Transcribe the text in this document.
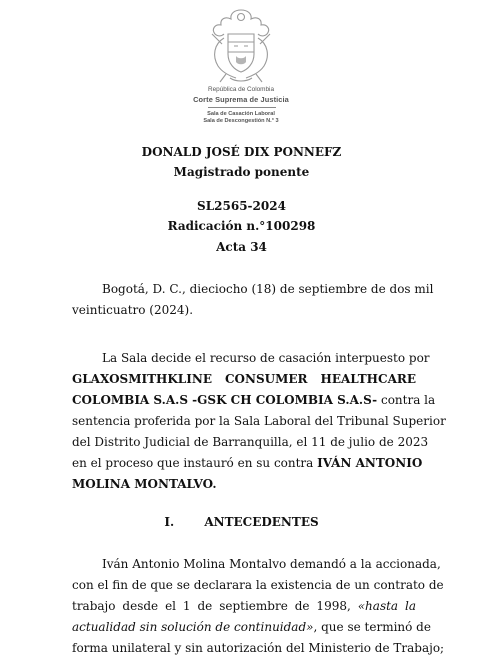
República de Colombia
Corte Suprema de Justicia
Sala de Casación Laboral
Sala de Descongestión N.° 3
DONALD JOSÉ DIX PONNEFZ
Magistrado ponente
SL2565-2024
Radicación n.°100298
Acta 34
Bogotá, D. C., dieciocho (18) de septiembre de dos mil
veinticuatro (2024).
La Sala decide el recurso de casación interpuesto por
GLAXOSMITHKLINE CONSUMER HEALTHCARE
COLOMBIA S.A.S -GSK CH COLOMBIA S.A.S- contra la
sentencia proferida por la Sala Laboral del Tribunal Superior
del Distrito Judicial de Barranquilla, el 11 de julio de 2023
en el proceso que instauró en su contra IVÁN ANTONIO
MOLINA MONTALVO.
I.	ANTECEDENTES
Iván Antonio Molina Montalvo demandó a la accionada,
con el fin de que se declarara la existencia de un contrato de
trabajo desde el 1 de septiembre de 1998, «hasta la
actualidad sin solución de continuidad», que se terminó de
forma unilateral y sin autorización del Ministerio de Trabajo;
